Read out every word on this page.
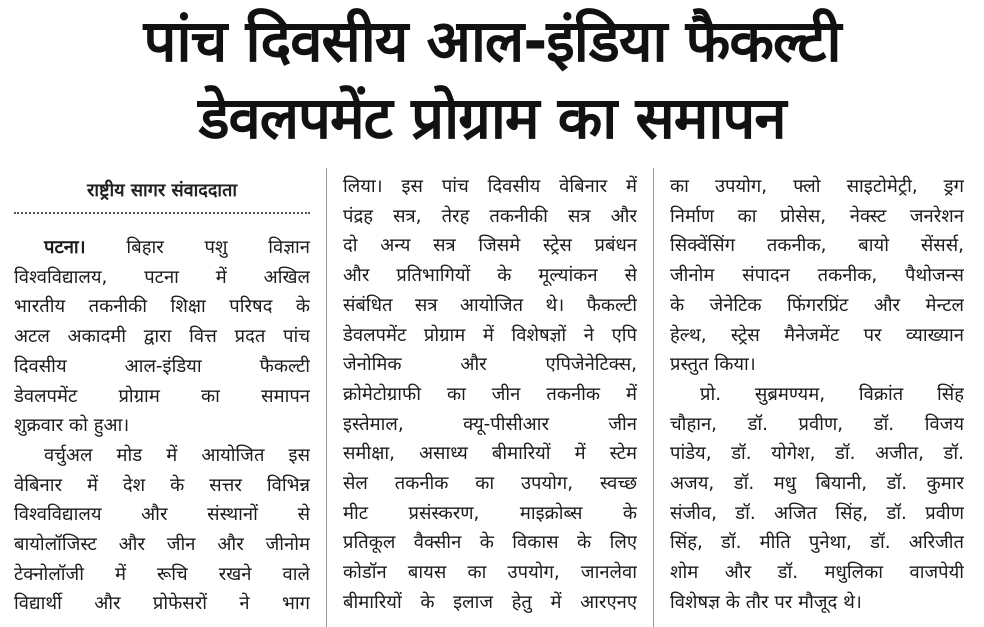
पांच दिवसीय आल-इंडिया फैकल्टी
डेवलपमेंट प्रोग्राम का समापन
राष्ट्रीय सागर संवाददाता
पटना। बिहार पशु विज्ञान
विश्वविद्यालय, पटना में अखिल
भारतीय तकनीकी शिक्षा परिषद के
अटल अकादमी द्वारा वित्त प्रदत पांच
दिवसीय आल-इंडिया फैकल्टी
डेवलपमेंट प्रोग्राम का समापन
शुक्रवार को हुआ।
वर्चुअल मोड में आयोजित इस
वेबिनार में देश के सत्तर विभिन्न
विश्वविद्यालय और संस्थानों से
बायोलॉजिस्ट और जीन और जीनोम
टेक्नोलॉजी में रूचि रखने वाले
विद्यार्थी और प्रोफेसरों ने भाग
लिया। इस पांच दिवसीय वेबिनार में
पंद्रह सत्र, तेरह तकनीकी सत्र और
दो अन्य सत्र जिसमे स्ट्रेस प्रबंधन
और प्रतिभागियों के मूल्यांकन से
संबंधित सत्र आयोजित थे। फैकल्टी
डेवलपमेंट प्रोग्राम में विशेषज्ञों ने एपि
जेनोमिक और एपिजेनेटिक्स,
क्रोमेटोग्राफी का जीन तकनीक में
इस्तेमाल, क्यू-पीसीआर जीन
समीक्षा, असाध्य बीमारियों में स्टेम
सेल तकनीक का उपयोग, स्वच्छ
मीट प्रसंस्करण, माइक्रोब्स के
प्रतिकूल वैक्सीन के विकास के लिए
कोडॉन बायस का उपयोग, जानलेवा
बीमारियों के इलाज हेतु में आरएनए
का उपयोग, फ्लो साइटोमेट्री, ड्रग
निर्माण का प्रोसेस, नेक्स्ट जनरेशन
सिक्वेंसिंग तकनीक, बायो सेंसर्स,
जीनोम संपादन तकनीक, पैथोजन्स
के जेनेटिक फिंगरप्रिंट और मेन्टल
हेल्थ, स्ट्रेस मैनेजमेंट पर व्याख्यान
प्रस्तुत किया।
प्रो. सुब्रमण्यम, विक्रांत सिंह
चौहान, डॉ. प्रवीण, डॉ. विजय
पांडेय, डॉ. योगेश, डॉ. अजीत, डॉ.
अजय, डॉ. मधु बियानी, डॉ. कुमार
संजीव, डॉ. अजित सिंह, डॉ. प्रवीण
सिंह, डॉ. मीति पुनेथा, डॉ. अरिजीत
शोम और डॉ. मधुलिका वाजपेयी
विशेषज्ञ के तौर पर मौजूद थे।
